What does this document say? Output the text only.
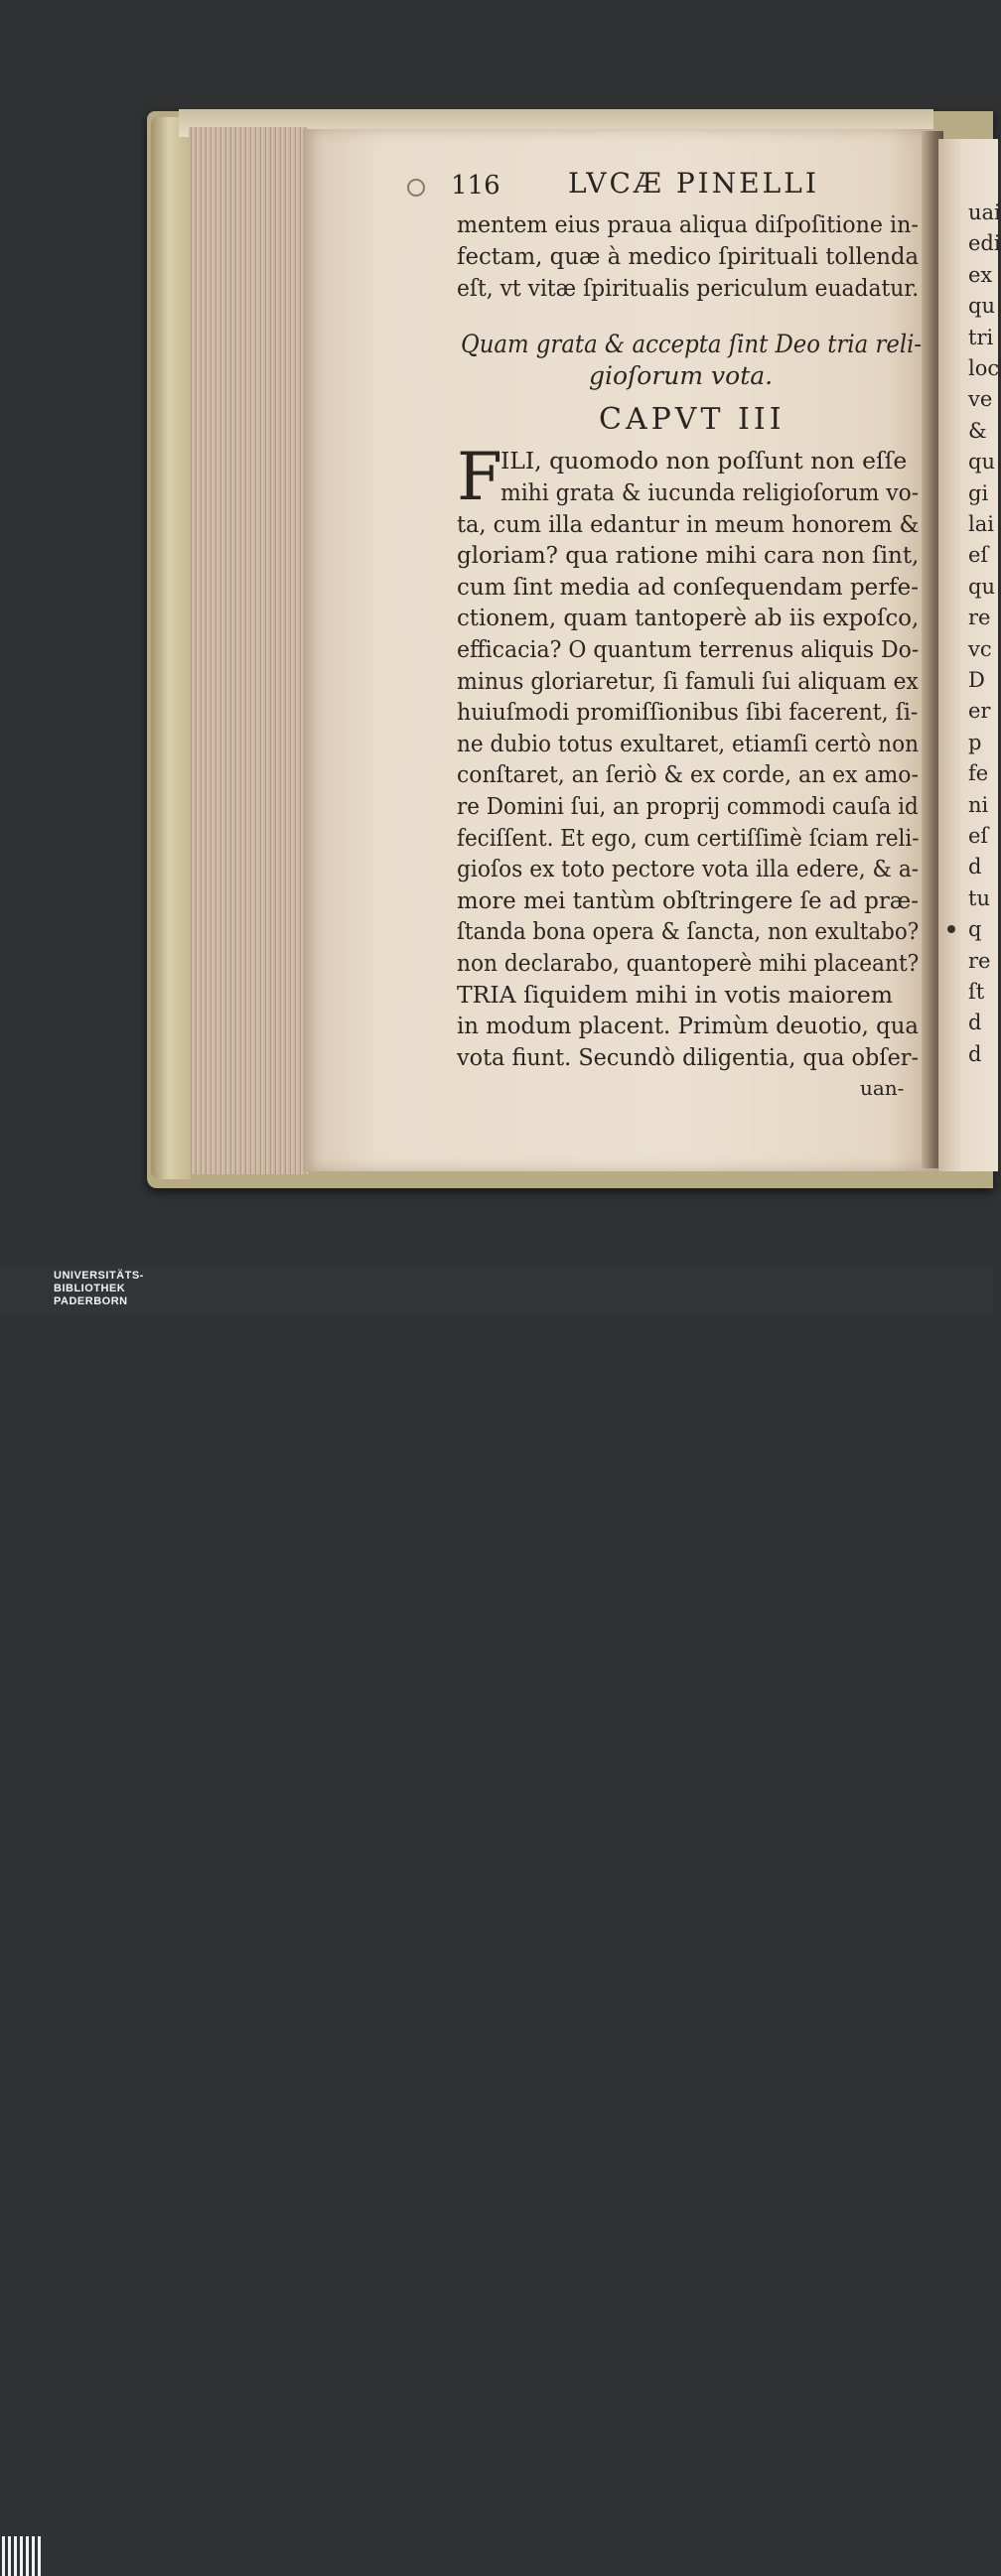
uai
edi
ex
qu
tri
loc
ve
&
qu
gi
lai
eſ
qu
re
vc
D
er
p
fe
ni
eſ
d
tu
q
re
ſt
d
d
116 LVCÆ PINELLI
mentem eius praua aliqua diſpoſitione in-
fectam, quæ à medico ſpirituali tollenda
eſt, vt vitæ ſpiritualis periculum euadatur.
Quam grata & accepta ſint Deo tria reli-
gioſorum vota.
CAPVT III
F
ILI, quomodo non poſſunt non eſſe
mihi grata & iucunda religioſorum vo-
ta, cum illa edantur in meum honorem &
gloriam? qua ratione mihi cara non ſint,
cum ſint media ad conſequendam perfe-
ctionem, quam tantoperè ab iis expoſco,
efficacia? O quantum terrenus aliquis Do-
minus gloriaretur, ſi famuli ſui aliquam ex
huiuſmodi promiſſionibus ſibi facerent, ſi-
ne dubio totus exultaret, etiamſi certò non
conſtaret, an ſeriò & ex corde, an ex amo-
re Domini ſui, an proprij commodi cauſa id
feciſſent. Et ego, cum certiſſimè ſciam reli-
gioſos ex toto pectore vota illa edere, & a-
more mei tantùm obſtringere ſe ad præ-
ſtanda bona opera & ſancta, non exultabo?
non declarabo, quantoperè mihi placeant?
TRIA ſiquidem mihi in votis maiorem
in modum placent. Primùm deuotio, qua
vota fiunt. Secundò diligentia, qua obſer-
uan-
UNIVERSITÄTS-
BIBLIOTHEK
PADERBORN
